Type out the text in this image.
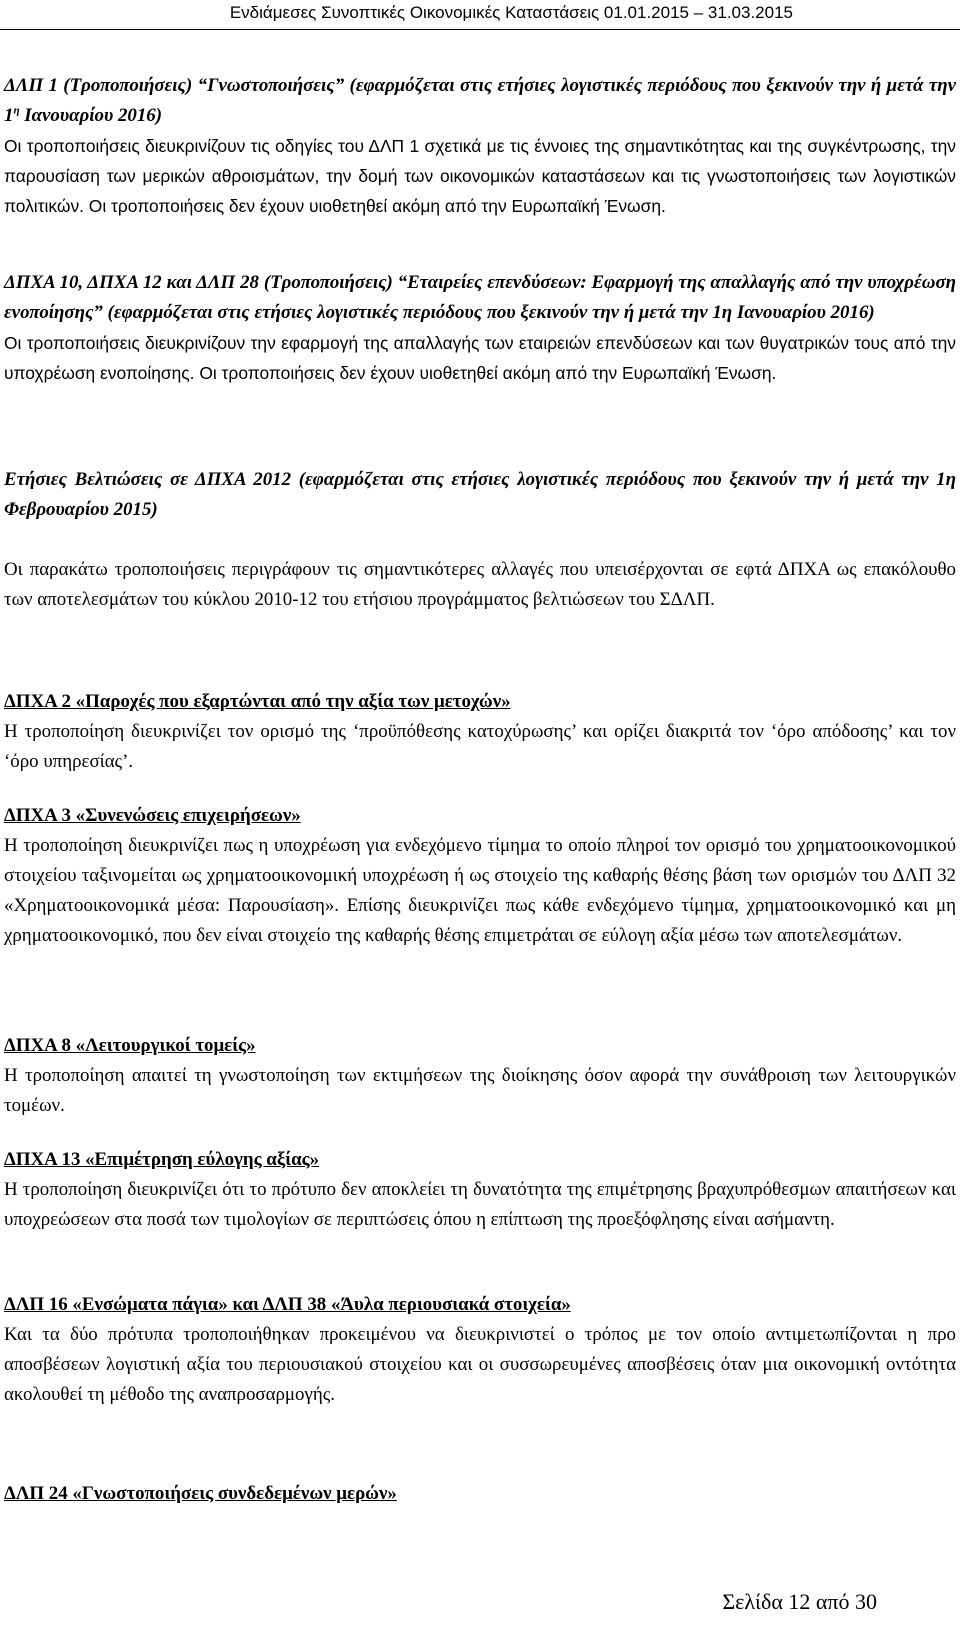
Ενδιάμεσες Συνοπτικές Οικονομικές Καταστάσεις 01.01.2015 – 31.03.2015

ΔΛΠ 1 (Τροποποιήσεις) “Γνωστοποιήσεις” (εφαρμόζεται στις ετήσιες λογιστικές περιόδους που ξεκινούν την ή μετά την $1^\eta$ Ιανουαρίου 2016)

Οι τροποποιήσεις διευκρινίζουν τις οδηγίες του ΔΛΠ 1 σχετικά με τις έννοιες της σημαντικότητας και της συγκέντρωσης, την παρουσίαση των μερικών αθροισμάτων, την δομή των οικονομικών καταστάσεων και τις γνωστοποιήσεις των λογιστικών πολιτικών. Οι τροποποιήσεις δεν έχουν υιοθετηθεί ακόμη από την Ευρωπαϊκή Ένωση.

ΔΠΧΑ 10, ΔΠΧΑ 12 και ΔΛΠ 28 (Τροποποιήσεις) “Εταιρείες επενδύσεων: Εφαρμογή της απαλλαγής από την υποχρέωση ενοποίησης” (εφαρμόζεται στις ετήσιες λογιστικές περιόδους που ξεκινούν την ή μετά την 1η Ιανουαρίου 2016)

Οι τροποποιήσεις διευκρινίζουν την εφαρμογή της απαλλαγής των εταιρειών επενδύσεων και των θυγατρικών τους από την υποχρέωση ενοποίησης. Οι τροποποιήσεις δεν έχουν υιοθετηθεί ακόμη από την Ευρωπαϊκή Ένωση.

Ετήσιες Βελτιώσεις σε ΔΠΧΑ 2012 (εφαρμόζεται στις ετήσιες λογιστικές περιόδους που ξεκινούν την ή μετά την 1η Φεβρουαρίου 2015)

Οι παρακάτω τροποποιήσεις περιγράφουν τις σημαντικότερες αλλαγές που υπεισέρχονται σε εφτά ΔΠΧΑ ως επακόλουθο των αποτελεσμάτων του κύκλου 2010-12 του ετήσιου προγράμματος βελτιώσεων του ΣΔΛΠ.

ΔΠΧΑ 2 «Παροχές που εξαρτώνται από την αξία των μετοχών»

Η τροποποίηση διευκρινίζει τον ορισμό της ‘προϋπόθεσης κατοχύρωσης’ και ορίζει διακριτά τον ‘όρο απόδοσης’ και τον ‘όρο υπηρεσίας’.

ΔΠΧΑ 3 «Συνενώσεις επιχειρήσεων»

Η τροποποίηση διευκρινίζει πως η υποχρέωση για ενδεχόμενο τίμημα το οποίο πληροί τον ορισμό του χρηματοοικονομικού στοιχείου ταξινομείται ως χρηματοοικονομική υποχρέωση ή ως στοιχείο της καθαρής θέσης βάση των ορισμών του ΔΛΠ 32 «Χρηματοοικονομικά μέσα: Παρουσίαση». Επίσης διευκρινίζει πως κάθε ενδεχόμενο τίμημα, χρηματοοικονομικό και μη χρηματοοικονομικό, που δεν είναι στοιχείο της καθαρής θέσης επιμετράται σε εύλογη αξία μέσω των αποτελεσμάτων.

ΔΠΧΑ 8 «Λειτουργικοί τομείς»

Η τροποποίηση απαιτεί τη γνωστοποίηση των εκτιμήσεων της διοίκησης όσον αφορά την συνάθροιση των λειτουργικών τομέων.

ΔΠΧΑ 13 «Επιμέτρηση εύλογης αξίας»

Η τροποποίηση διευκρινίζει ότι το πρότυπο δεν αποκλείει τη δυνατότητα της επιμέτρησης βραχυπρόθεσμων απαιτήσεων και υποχρεώσεων στα ποσά των τιμολογίων σε περιπτώσεις όπου η επίπτωση της προεξόφλησης είναι ασήμαντη.

ΔΛΠ 16 «Ενσώματα πάγια» και ΔΛΠ 38 «Άυλα περιουσιακά στοιχεία»

Και τα δύο πρότυπα τροποποιήθηκαν προκειμένου να διευκρινιστεί ο τρόπος με τον οποίο αντιμετωπίζονται η προ αποσβέσεων λογιστική αξία του περιουσιακού στοιχείου και οι συσσωρευμένες αποσβέσεις όταν μια οικονομική οντότητα ακολουθεί τη μέθοδο της αναπροσαρμογής.

ΔΛΠ 24 «Γνωστοποιήσεις συνδεδεμένων μερών»

Σελίδα 12 από 30
